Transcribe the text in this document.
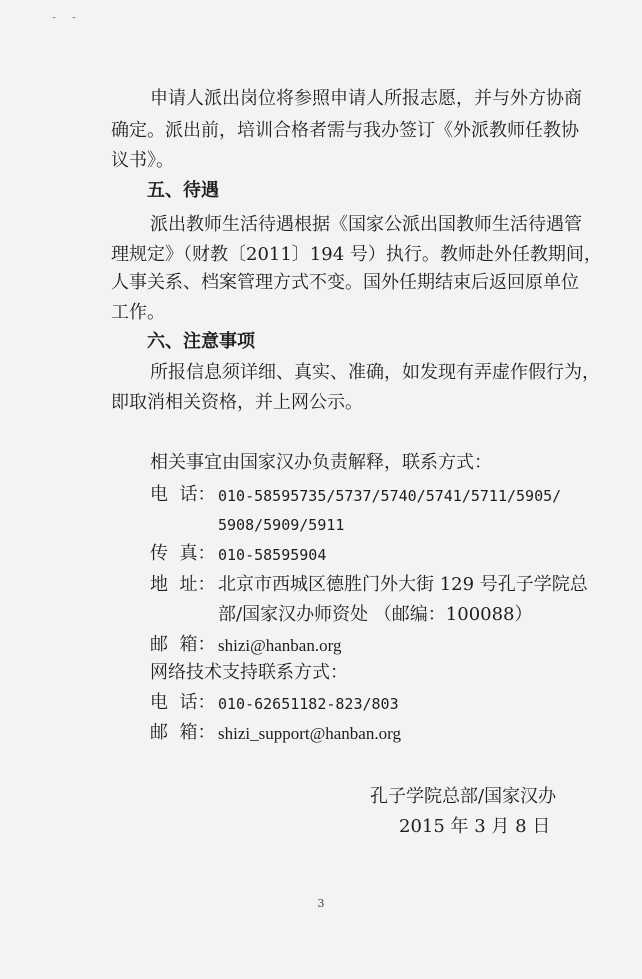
- -
申请人派出岗位将参照申请人所报志愿，并与外方协商
确定。派出前，培训合格者需与我办签订《外派教师任教协
议书》。
五、待遇
派出教师生活待遇根据《国家公派出国教师生活待遇管
理规定》（财教〔2011〕194 号）执行。教师赴外任教期间，
人事关系、档案管理方式不变。国外任期结束后返回原单位
工作。
六、注意事项
所报信息须详细、真实、准确，如发现有弄虚作假行为，
即取消相关资格，并上网公示。
相关事宜由国家汉办负责解释，联系方式：
电  话： 010-58595735/5737/5740/5741/5711/5905/
5908/5909/5911
传  真： 010-58595904
地  址： 北京市西城区德胜门外大街 129 号孔子学院总
部/国家汉办师资处 （邮编：100088）
邮  箱： shizi@hanban.org
网络技术支持联系方式：
电  话： 010-62651182-823/803
邮  箱： shizi_support@hanban.org
孔子学院总部/国家汉办
2015 年 3 月 8 日
3
